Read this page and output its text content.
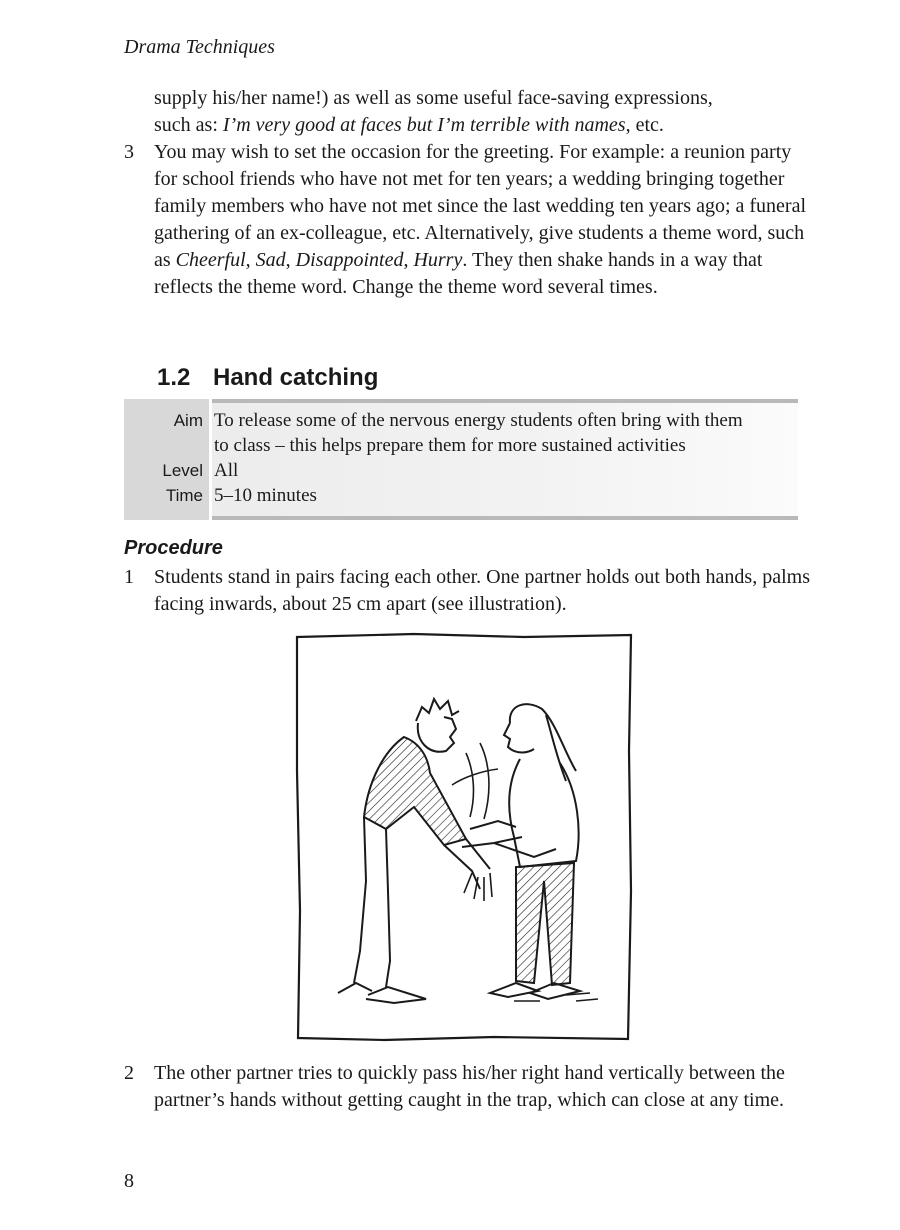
Drama Techniques
supply his/her name!) as well as some useful face-saving expressions,
such as: I’m very good at faces but I’m terrible with names, etc.
3 You may wish to set the occasion for the greeting. For example: a reunion party for school friends who have not met for ten years; a wedding bringing together family members who have not met since the last wedding ten years ago; a funeral gathering of an ex-colleague, etc. Alternatively, give students a theme word, such as Cheerful, Sad, Disappointed, Hurry. They then shake hands in a way that reflects the theme word. Change the theme word several times.
1.2 Hand catching
Aim To release some of the nervous energy students often bring with them
to class – this helps prepare them for more sustained activities
Level All
Time 5–10 minutes
Procedure
1 Students stand in pairs facing each other. One partner holds out both hands, palms facing inwards, about 25 cm apart (see illustration).
2 The other partner tries to quickly pass his/her right hand vertically between the partner’s hands without getting caught in the trap, which can close at any time.
8
